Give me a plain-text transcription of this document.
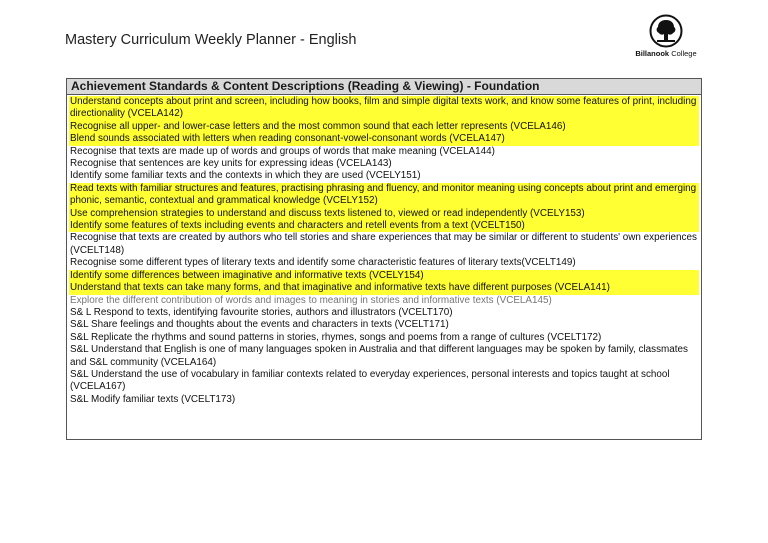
Mastery Curriculum Weekly Planner - English
Billanook College
Achievement Standards & Content Descriptions (Reading & Viewing) - Foundation
Understand concepts about print and screen, including how books, film and simple digital texts work, and know some features of print, including directionality (VCELA142)
Recognise all upper- and lower-case letters and the most common sound that each letter represents (VCELA146)
Blend sounds associated with letters when reading consonant-vowel-consonant words (VCELA147)
Recognise that texts are made up of words and groups of words that make meaning (VCELA144)
Recognise that sentences are key units for expressing ideas (VCELA143)
Identify some familiar texts and the contexts in which they are used (VCELY151)
Read texts with familiar structures and features, practising phrasing and fluency, and monitor meaning using concepts about print and emerging phonic, semantic, contextual and grammatical knowledge (VCELY152)
Use comprehension strategies to understand and discuss texts listened to, viewed or read independently (VCELY153)
Identify some features of texts including events and characters and retell events from a text (VCELT150)
Recognise that texts are created by authors who tell stories and share experiences that may be similar or different to students' own experiences (VCELT148)
Recognise some different types of literary texts and identify some characteristic features of literary texts(VCELT149)
Identify some differences between imaginative and informative texts (VCELY154)
Understand that texts can take many forms, and that imaginative and informative texts have different purposes (VCELA141)
Explore the different contribution of words and images to meaning in stories and informative texts (VCELA145)
S& L Respond to texts, identifying favourite stories, authors and illustrators (VCELT170)
S&L Share feelings and thoughts about the events and characters in texts (VCELT171)
S&L Replicate the rhythms and sound patterns in stories, rhymes, songs and poems from a range of cultures (VCELT172)
S&L Understand that English is one of many languages spoken in Australia and that different languages may be spoken by family, classmates and S&L community (VCELA164)
S&L Understand the use of vocabulary in familiar contexts related to everyday experiences, personal interests and topics taught at school (VCELA167)
S&L Modify familiar texts (VCELT173)
